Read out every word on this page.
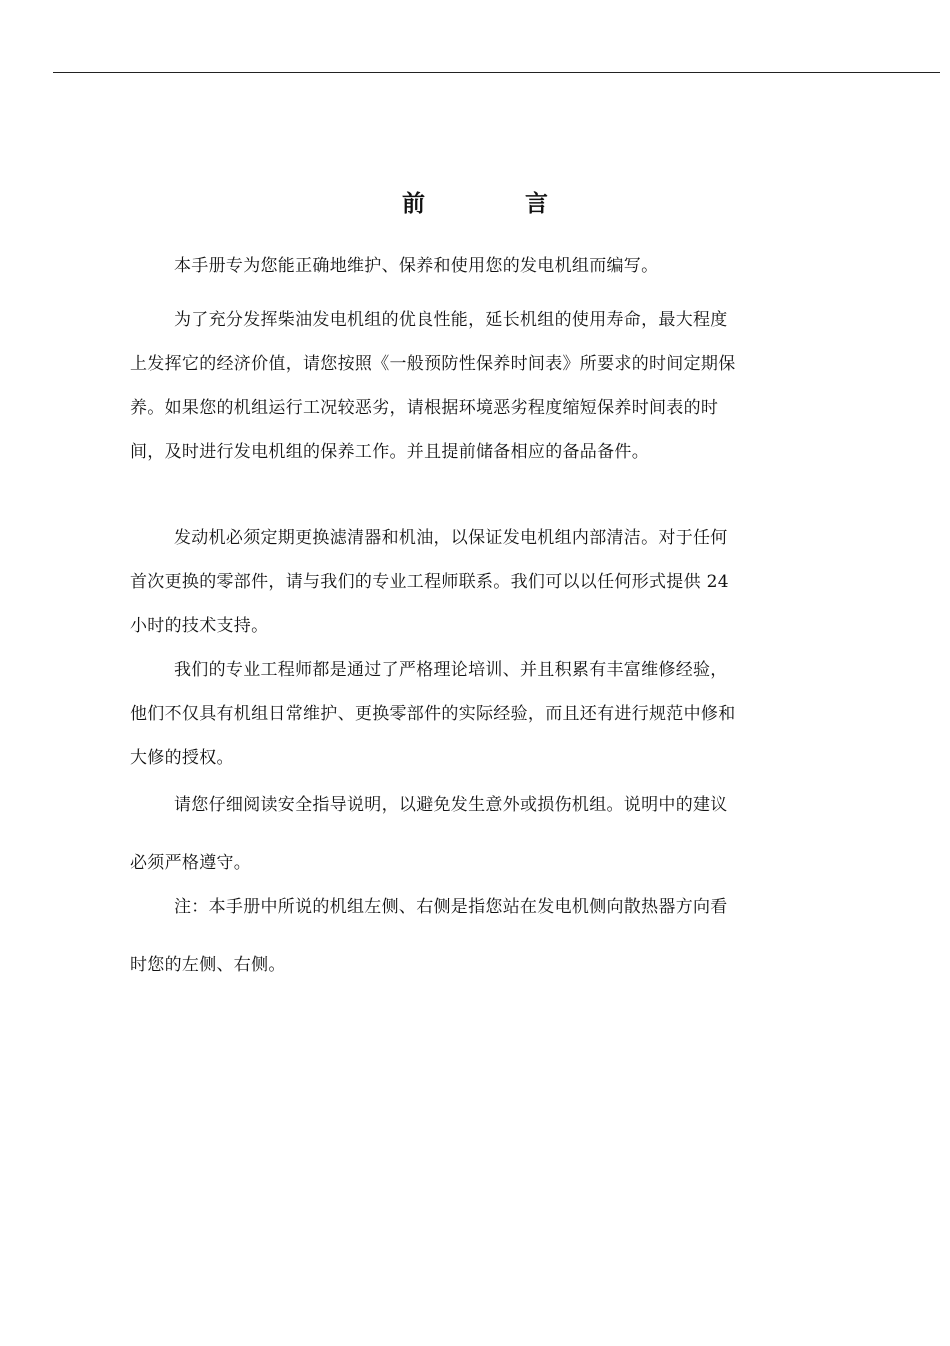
前 言

本手册专为您能正确地维护、保养和使用您的发电机组而编写。

为了充分发挥柴油发电机组的优良性能，延长机组的使用寿命，最大程度上发挥它的经济价值，请您按照《一般预防性保养时间表》所要求的时间定期保养。如果您的机组运行工况较恶劣，请根据环境恶劣程度缩短保养时间表的时间，及时进行发电机组的保养工作。并且提前储备相应的备品备件。

发动机必须定期更换滤清器和机油，以保证发电机组内部清洁。对于任何首次更换的零部件，请与我们的专业工程师联系。我们可以以任何形式提供 24 小时的技术支持。

我们的专业工程师都是通过了严格理论培训、并且积累有丰富维修经验，他们不仅具有机组日常维护、更换零部件的实际经验，而且还有进行规范中修和大修的授权。

请您仔细阅读安全指导说明，以避免发生意外或损伤机组。说明中的建议必须严格遵守。

注：本手册中所说的机组左侧、右侧是指您站在发电机侧向散热器方向看时您的左侧、右侧。
